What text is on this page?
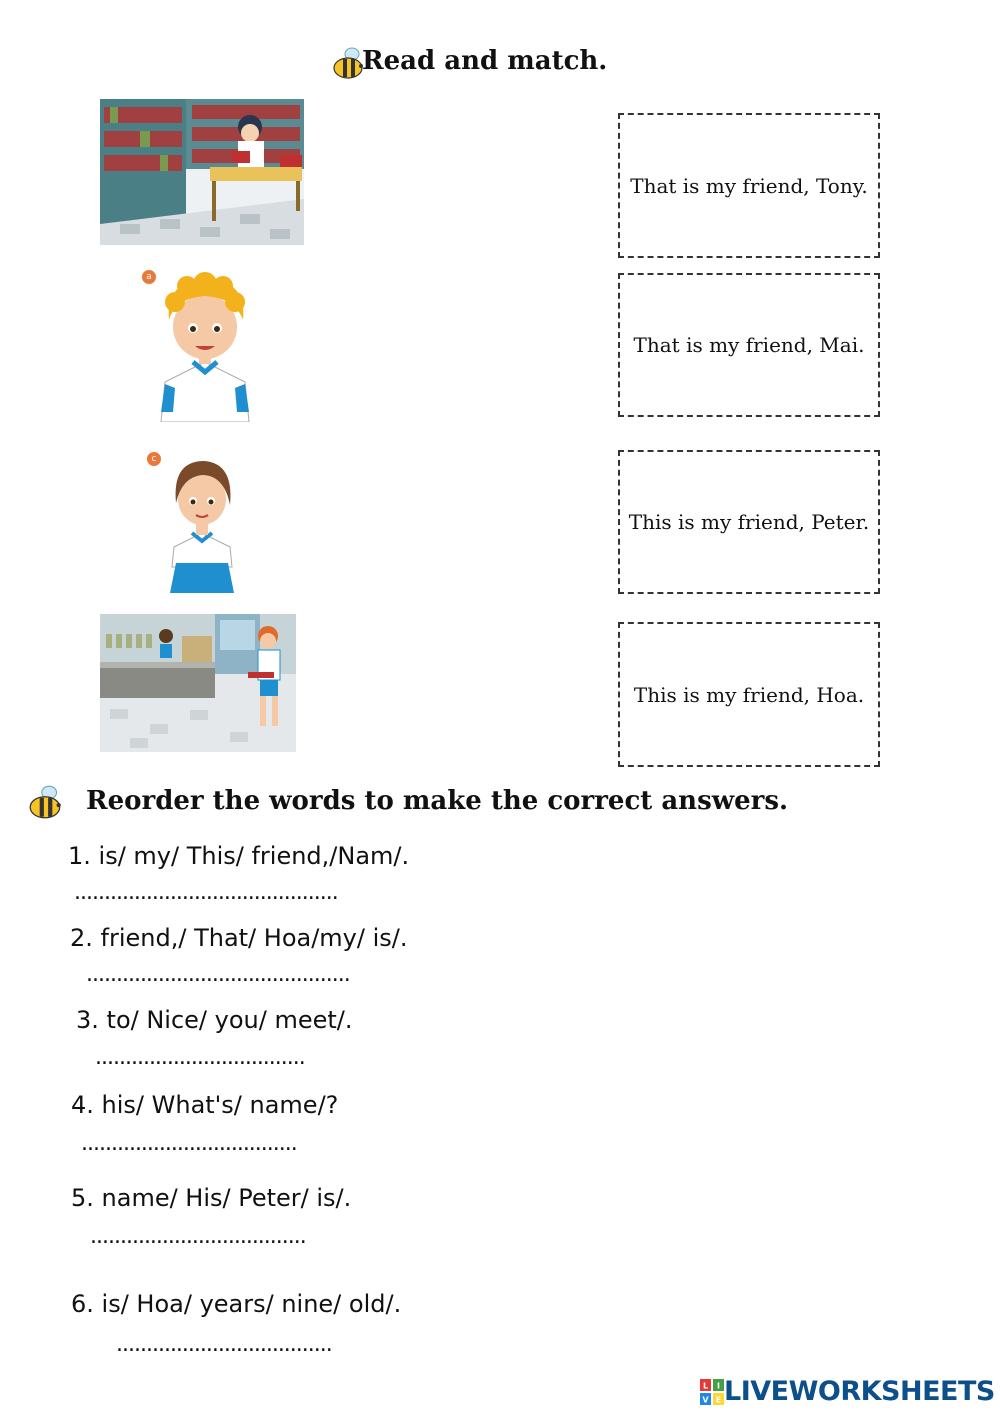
Read and match.
a
c
That is my friend, Tony.
That is my friend, Mai.
This is my friend, Peter.
This is my friend, Hoa.
Reorder the words to make the correct answers.
1. is/ my/ This/ friend,/Nam/.
............................................
2. friend,/ That/ Hoa/my/ is/.
............................................
3. to/ Nice/ you/ meet/.
...................................
4. his/ What's/ name/?
....................................
5. name/ His/ Peter/ is/.
....................................
6. is/ Hoa/ years/ nine/ old/.
....................................
L I
V E LIVEWORKSHEETS
